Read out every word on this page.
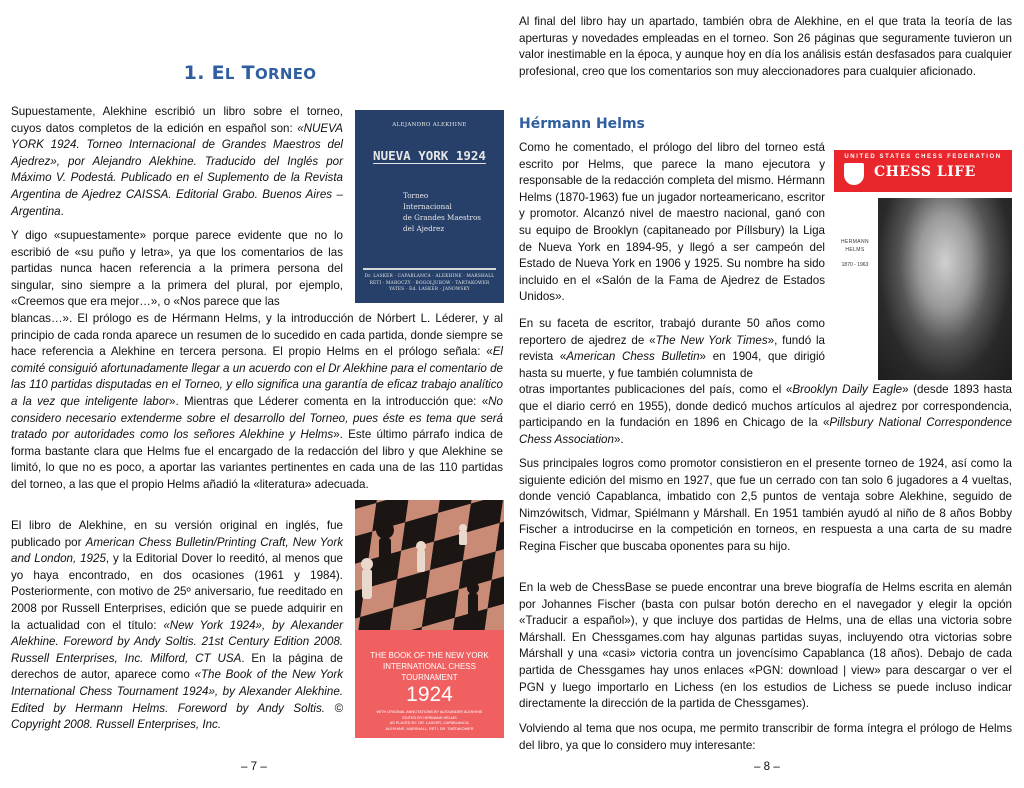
1. EL TORNEO

Supuestamente, Alekhine escribió un libro sobre el torneo, cuyos datos completos de la edición en español son: «NUEVA YORK 1924. Torneo Internacional de Grandes Maestros del Ajedrez», por Alejandro Alekhine. Traducido del Inglés por Máximo V. Podestá. Publicado en el Suplemento de la Revista Argentina de Ajedrez CAISSA. Editorial Grabo. Buenos Aires – Argentina.

Y digo «supuestamente» porque parece evidente que no lo escribió de «su puño y letra», ya que los comentarios de las partidas nunca hacen referencia a la primera persona del singular, sino siempre a la primera del plural, por ejemplo, «Creemos que era mejor…», o «Nos parece que las

blancas…». El prólogo es de Hérmann Helms, y la introducción de Nórbert L. Léderer, y al principio de cada ronda aparece un resumen de lo sucedido en cada partida, donde siempre se hace referencia a Alekhine en tercera persona. El propio Helms en el prólogo señala: «El comité consiguió afortunadamente llegar a un acuerdo con el Dr Alekhine para el comentario de las 110 partidas disputadas en el Torneo, y ello significa una garantía de eficaz trabajo analítico a la vez que inteligente labor». Mientras que Léderer comenta en la introducción que: «No considero necesario extenderme sobre el desarrollo del Torneo, pues éste es tema que será tratado por autoridades como los señores Alekhine y Helms». Este último párrafo indica de forma bastante clara que Helms fue el encargado de la redacción del libro y que Alekhine se limitó, lo que no es poco, a aportar las variantes pertinentes en cada una de las 110 partidas del torneo, a las que el propio Helms añadió la «literatura» adecuada.

El libro de Alekhine, en su versión original en inglés, fue publicado por American Chess Bulletin/Printing Craft, New York and London, 1925, y la Editorial Dover lo reeditó, al menos que yo haya encontrado, en dos ocasiones (1961 y 1984). Posteriormente, con motivo de 25º aniversario, fue reeditado en 2008 por Russell Enterprises, edición que se puede adquirir en la actualidad con el título: «New York 1924», by Alexander Alekhine. Foreword by Andy Soltis. 21st Century Edition 2008. Russell Enterprises, Inc. Milford, CT USA. En la página de derechos de autor, aparece como «The Book of the New York International Chess Tournament 1924», by Alexander Alekhine. Edited by Hermann Helms. Foreword by Andy Soltis. © Copyright 2008. Russell Enterprises, Inc.

– 7 –
ALEJANDRO ALEKHINE
NUEVA YORK 1924
Torneo
Internacional
de Grandes Maestros
del Ajedrez
Dr. LASKER · CAPABLANCA · ALEKHINE · MARSHALL
RETI · MAROCZY · BOGOLJUBOW · TARTAKOWER
YATES · Ed. LASKER · JANOWSKY
THE BOOK OF THE NEW YORK
INTERNATIONAL CHESS
TOURNAMENT
1924
WITH ORIGINAL ANNOTATIONS BY ALEXANDER ALEKHINE
EDITED BY HERMANN HELMS
AS PLAYED BY: DR. LASKER, CAPABLANCA,
ALEKHINE, MARSHALL, RETI, DR. TARTAKOWER

Al final del libro hay un apartado, también obra de Alekhine, en el que trata la teoría de las aperturas y novedades empleadas en el torneo. Son 26 páginas que seguramente tuvieron un valor inestimable en la época, y aunque hoy en día los análisis están desfasados para cualquier profesional, creo que los comentarios son muy aleccionadores para cualquier aficionado.

Hérmann Helms

Como he comentado, el prólogo del libro del torneo está escrito por Helms, que parece la mano ejecutora y responsable de la redacción completa del mismo. Hérmann Helms (1870-1963) fue un jugador norteamericano, escritor y promotor. Alcanzó nivel de maestro nacional, ganó con su equipo de Brooklyn (capitaneado por Píllsbury) la Liga de Nueva York en 1894-95, y llegó a ser campeón del Estado de Nueva York en 1906 y 1925. Su nombre ha sido incluido en el «Salón de la Fama de Ajedrez de Estados Unidos».

En su faceta de escritor, trabajó durante 50 años como reportero de ajedrez de «The New York Times», fundó la revista «American Chess Bulletin» en 1904, que dirigió hasta su muerte, y fue también columnista de

otras importantes publicaciones del país, como el «Brooklyn Daily Eagle» (desde 1893 hasta que el diario cerró en 1955), donde dedicó muchos artículos al ajedrez por correspondencia, participando en la fundación en 1896 en Chicago de la «Pillsbury National Correspondence Chess Association».

Sus principales logros como promotor consistieron en el presente torneo de 1924, así como la siguiente edición del mismo en 1927, que fue un cerrado con tan solo 6 jugadores a 4 vueltas, donde venció Capablanca, imbatido con 2,5 puntos de ventaja sobre Alekhine, seguido de Nimzówitsch, Vidmar, Spiélmann y Márshall. En 1951 también ayudó al niño de 8 años Bobby Fischer a introducirse en la competición en torneos, en respuesta a una carta de su madre Regina Fischer que buscaba oponentes para su hijo.

En la web de ChessBase se puede encontrar una breve biografía de Helms escrita en alemán por Johannes Fischer (basta con pulsar botón derecho en el navegador y elegir la opción «Traducir a español»), y que incluye dos partidas de Helms, una de ellas una victoria sobre Márshall. En Chessgames.com hay algunas partidas suyas, incluyendo otra victorias sobre Márshall y una «casi» victoria contra un jovencísimo Capablanca (18 años). Debajo de cada partida de Chessgames hay unos enlaces «PGN: download | view» para descargar o ver el PGN y luego importarlo en Lichess (en los estudios de Lichess se puede incluso indicar directamente la dirección de la partida de Chessgames).

Volviendo al tema que nos ocupa, me permito transcribir de forma íntegra el prólogo de Helms del libro, ya que lo considero muy interesante:

– 8 –
UNITED STATES CHESS FEDERATION
CHESS LIFE
HERMANN
HELMS
1870 - 1963
